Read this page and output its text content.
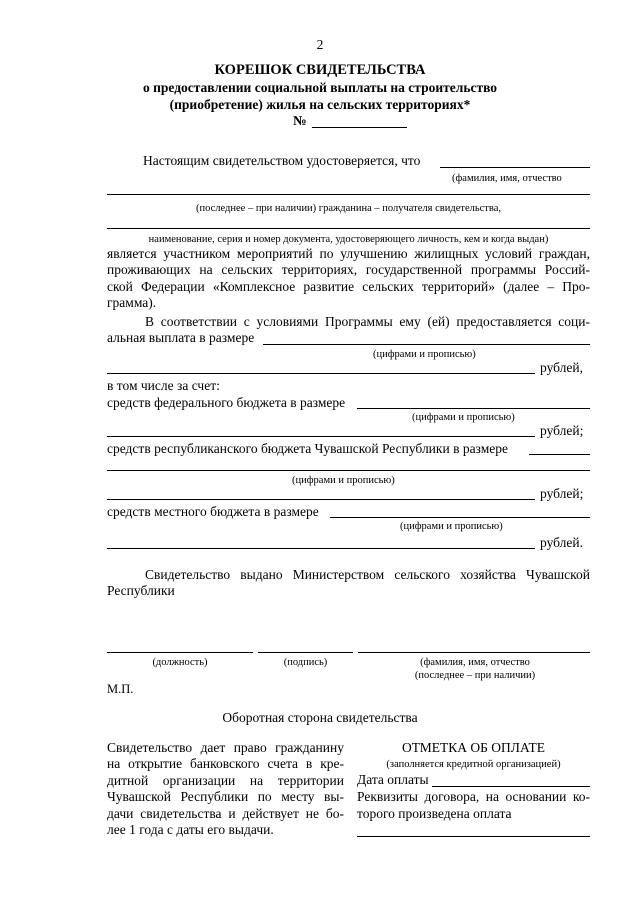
2
КОРЕШОК СВИДЕТЕЛЬСТВА
о предоставлении социальной выплаты на строительство
(приобретение) жилья на сельских территориях*
№
Настоящим свидетельством удостоверяется, что
(фамилия, имя, отчество
(последнее – при наличии) гражданина – получателя свидетельства,
наименование, серия и номер документа, удостоверяющего личность, кем и когда выдан)
является участником мероприятий по улучшению жилищных условий граждан,
проживающих на сельских территориях, государственной программы Россий-
ской Федерации «Комплексное развитие сельских территорий» (далее – Про-
грамма).
В соответствии с условиями Программы ему (ей) предоставляется соци-
альная выплата в размере
(цифрами и прописью)
рублей,
в том числе за счет:
средств федерального бюджета в размере
(цифрами и прописью)
рублей;
средств республиканского бюджета Чувашской Республики в размере
(цифрами и прописью)
рублей;
средств местного бюджета в размере
(цифрами и прописью)
рублей.
Свидетельство выдано Министерством сельского хозяйства Чувашской
Республики
(должность)	(подпись)	(фамилия, имя, отчество
(последнее – при наличии)
М.П.
Оборотная сторона свидетельства
Свидетельство дает право гражданину
на открытие банковского счета в кре-
дитной организации на территории
Чувашской Республики по месту вы-
дачи свидетельства и действует не бо-
лее 1 года с даты его выдачи.
ОТМЕТКА ОБ ОПЛАТЕ
(заполняется кредитной организацией)
Дата оплаты
Реквизиты договора, на основании ко-
торого произведена оплата
